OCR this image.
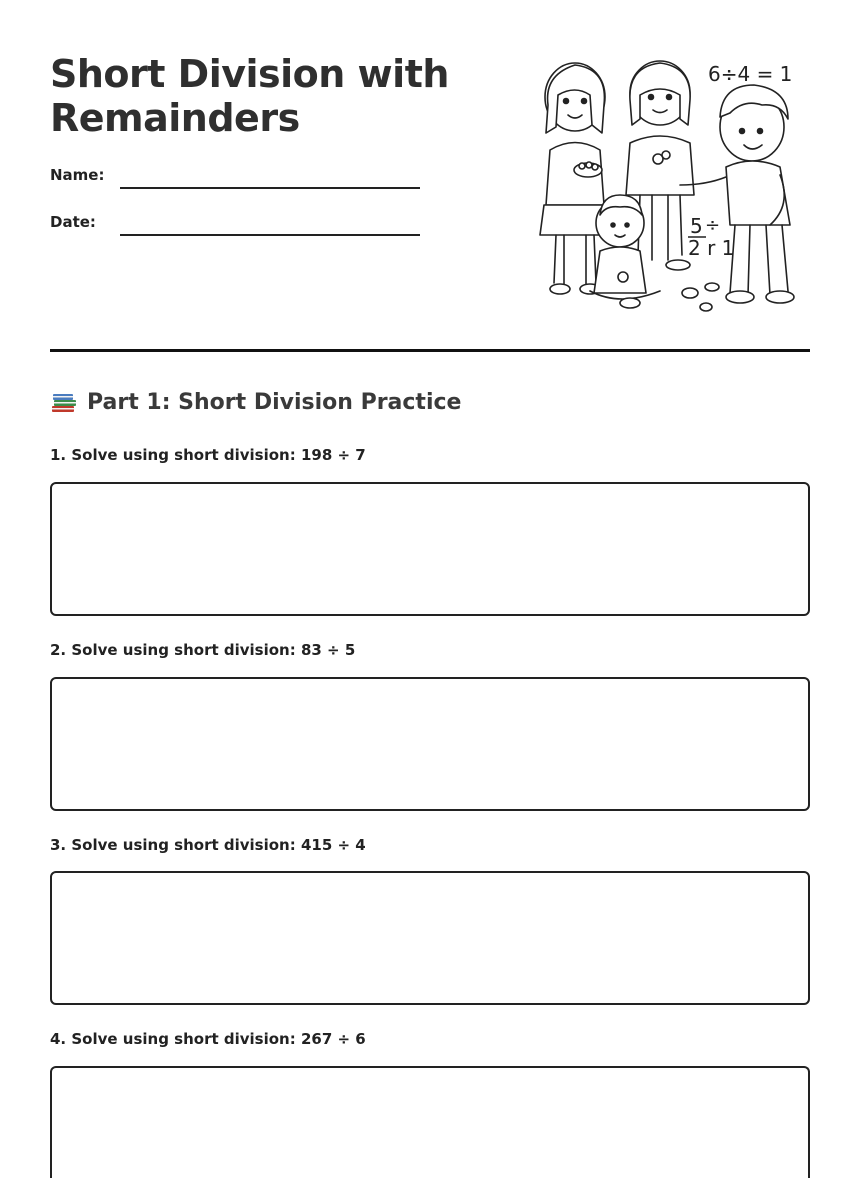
Short Division with
Remainders
Name:
Date:
6÷4 = 1
5 ÷
2 r 1
Part 1: Short Division Practice
1. Solve using short division: 198 ÷ 7
2. Solve using short division: 83 ÷ 5
3. Solve using short division: 415 ÷ 4
4. Solve using short division: 267 ÷ 6
